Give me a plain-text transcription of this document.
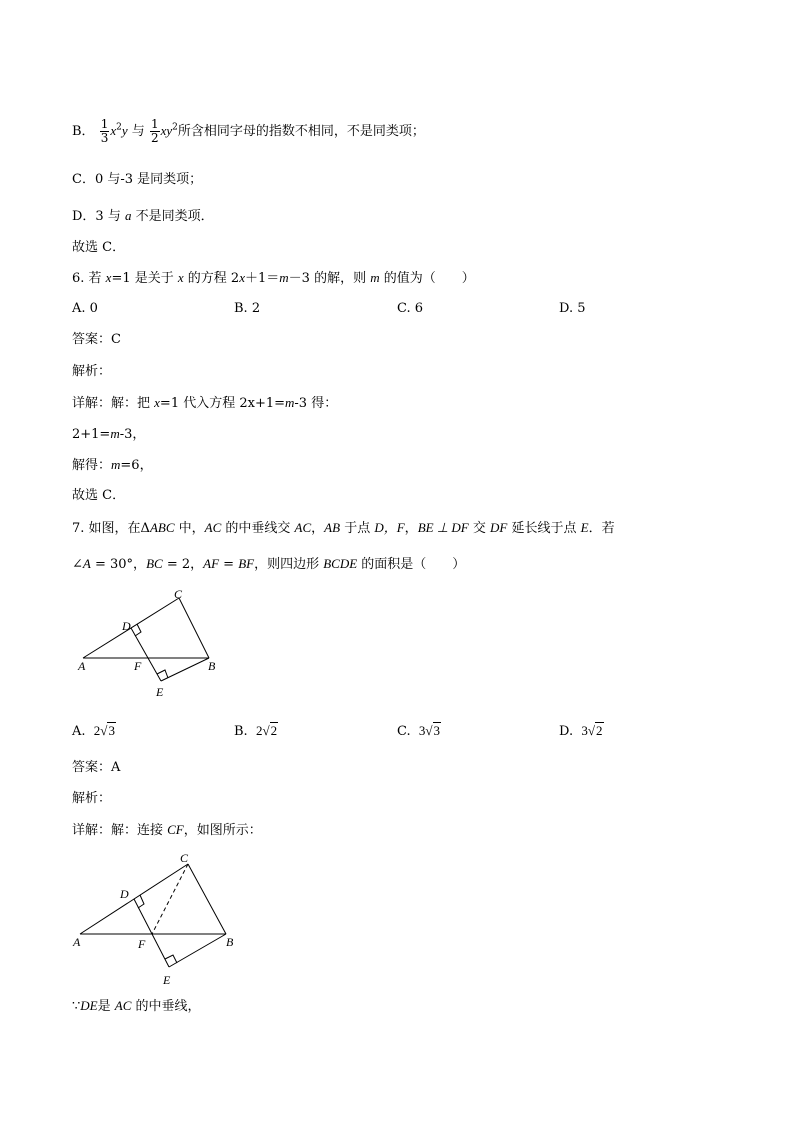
B． $\frac{1}{3} x^2y$ 与 $\frac{1}{2} xy^2$所含相同字母的指数不相同，不是同类项；
C．0 与-3 是同类项；
D．3 与 a 不是同类项．
故选 C．
6. 若 x=1 是关于 x 的方程 2x＋1＝m－3 的解，则 m 的值为（　　）
A. 0	B. 2	C. 6	D. 5
答案：C
解析：
详解：解：把 x=1 代入方程 2x+1=m-3 得：
2+1=m-3，
解得：m=6，
故选 C．
7. 如图，在ΔABC 中，AC 的中垂线交 AC，AB 于点 D，F，BE ⊥ DF 交 DF 延长线于点 E．若
∠A = 30°，BC = 2，AF = BF，则四边形 BCDE 的面积是（　　）
C
D
A	F	B
E
A. 2√3	B. 2√2	C. 3√3	D. 3√2
答案：A
解析：
详解：解：连接 CF，如图所示：
C
D
A	F	B
E
∵DE是 AC 的中垂线，
